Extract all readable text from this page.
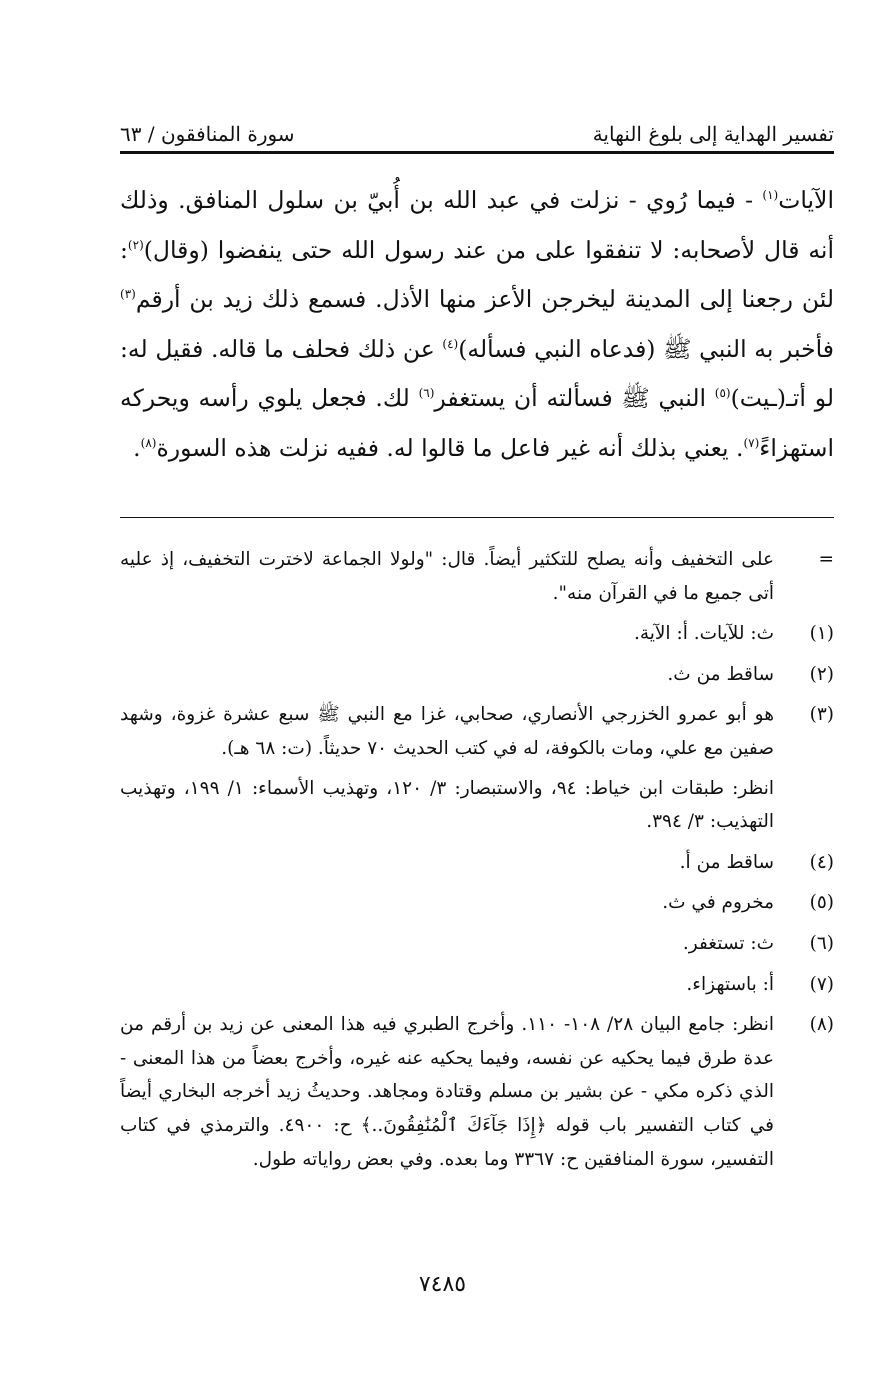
تفسير الهداية إلى بلوغ النهاية
سورة المنافقون / ٦٣

الآيات$^{(١)}$ - فيما رُوي - نزلت في عبد الله بن أُبيّ بن سلول المنافق. وذلك أنه قال لأصحابه: لا تنفقوا على من عند رسول الله حتى ينفضوا (وقال)$^{(٢)}$: لئن رجعنا إلى المدينة ليخرجن الأعز منها الأذل. فسمع ذلك زيد بن أرقم$^{(٣)}$ فأخبر به النبي ﷺ (فدعاه النبي فسأله)$^{(٤)}$ عن ذلك فحلف ما قاله. فقيل له: لو أتـ(ـيت)$^{(٥)}$ النبي ﷺ فسألته أن يستغفر$^{(٦)}$ لك. فجعل يلوي رأسه ويحركه استهزاءً$^{(٧)}$. يعني بذلك أنه غير فاعل ما قالوا له. ففيه نزلت هذه السورة$^{(٨)}$.

=

على التخفيف وأنه يصلح للتكثير أيضاً. قال: "ولولا الجماعة لاخترت التخفيف، إذ عليه أتى جميع ما في القرآن منه".

(١)

ث: للآيات. أ: الآية.

(٢)

ساقط من ث.

(٣)

هو أبو عمرو الخزرجي الأنصاري، صحابي، غزا مع النبي ﷺ سبع عشرة غزوة، وشهد صفين مع علي، ومات بالكوفة، له في كتب الحديث ٧٠ حديثاً. (ت: ٦٨ هـ).

انظر: طبقات ابن خياط: ٩٤، والاستبصار: ٣/ ١٢٠، وتهذيب الأسماء: ١/ ١٩٩، وتهذيب التهذيب: ٣/ ٣٩٤.

(٤)

ساقط من أ.

(٥)

مخروم في ث.

(٦)

ث: تستغفر.

(٧)

أ: باستهزاء.

(٨)

انظر: جامع البيان ٢٨/ ١٠٨- ١١٠. وأخرج الطبري فيه هذا المعنى عن زيد بن أرقم من عدة طرق فيما يحكيه عن نفسه، وفيما يحكيه عنه غيره، وأخرج بعضاً من هذا المعنى - الذي ذكره مكي - عن بشير بن مسلم وقتادة ومجاهد. وحديثُ زيد أخرجه البخاري أيضاً في كتاب التفسير باب قوله ﴿إِذَا جَآءَكَ ٱلْمُنَٰفِقُونَ..﴾ ح: ٤٩٠٠. والترمذي في كتاب التفسير، سورة المنافقين ح: ٣٣٦٧ وما بعده. وفي بعض رواياته طول.

٧٤٨٥
